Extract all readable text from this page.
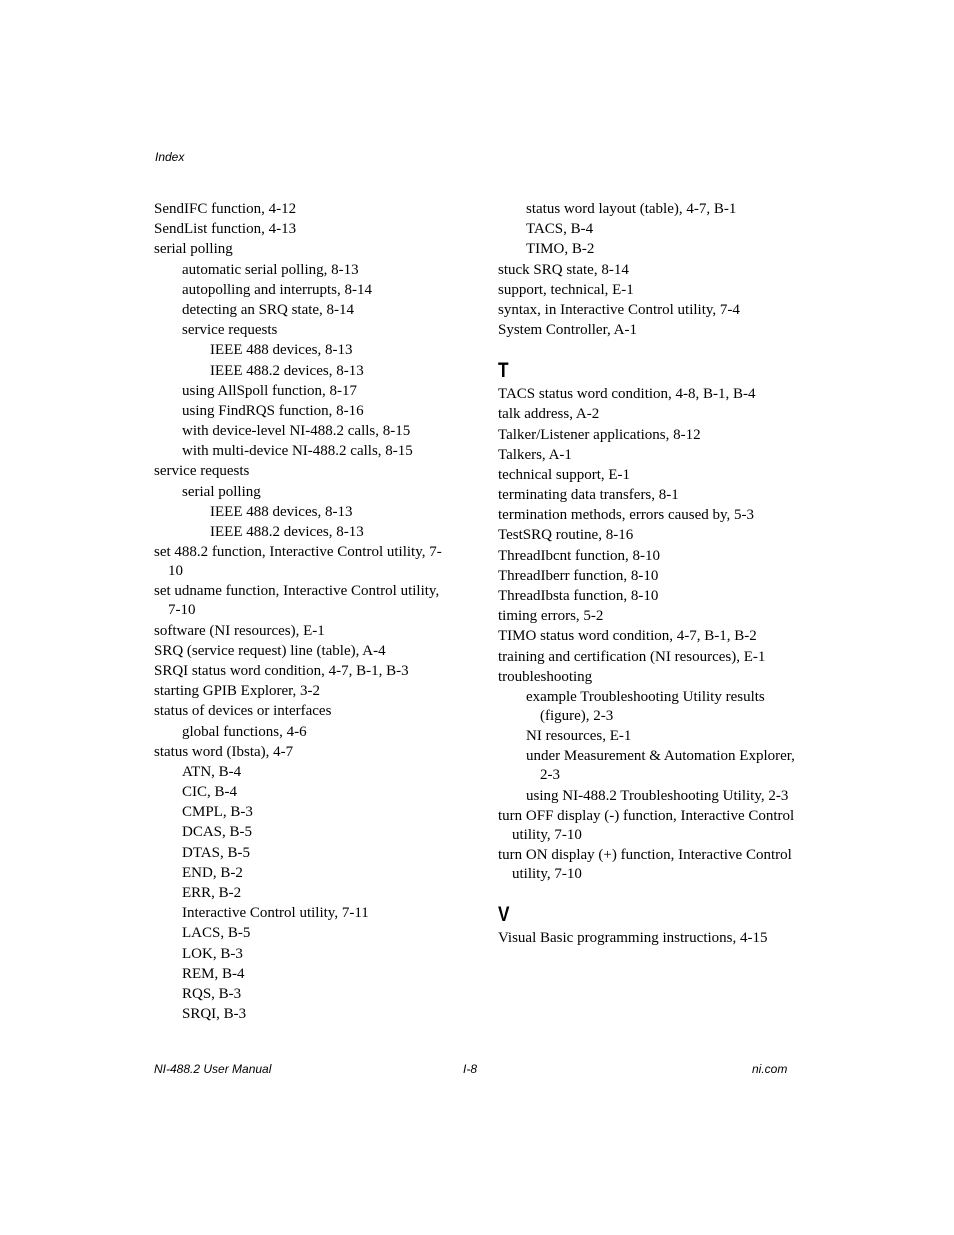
Index
SendIFC function, 4-12
SendList function, 4-13
serial polling
automatic serial polling, 8-13
autopolling and interrupts, 8-14
detecting an SRQ state, 8-14
service requests
IEEE 488 devices, 8-13
IEEE 488.2 devices, 8-13
using AllSpoll function, 8-17
using FindRQS function, 8-16
with device-level NI-488.2 calls, 8-15
with multi-device NI-488.2 calls, 8-15
service requests
serial polling
IEEE 488 devices, 8-13
IEEE 488.2 devices, 8-13
set 488.2 function, Interactive Control utility, 7-10
set udname function, Interactive Control utility, 7-10
software (NI resources), E-1
SRQ (service request) line (table), A-4
SRQI status word condition, 4-7, B-1, B-3
starting GPIB Explorer, 3-2
status of devices or interfaces
global functions, 4-6
status word (Ibsta), 4-7
ATN, B-4
CIC, B-4
CMPL, B-3
DCAS, B-5
DTAS, B-5
END, B-2
ERR, B-2
Interactive Control utility, 7-11
LACS, B-5
LOK, B-3
REM, B-4
RQS, B-3
SRQI, B-3
status word layout (table), 4-7, B-1
TACS, B-4
TIMO, B-2
stuck SRQ state, 8-14
support, technical, E-1
syntax, in Interactive Control utility, 7-4
System Controller, A-1
T
TACS status word condition, 4-8, B-1, B-4
talk address, A-2
Talker/Listener applications, 8-12
Talkers, A-1
technical support, E-1
terminating data transfers, 8-1
termination methods, errors caused by, 5-3
TestSRQ routine, 8-16
ThreadIbcnt function, 8-10
ThreadIberr function, 8-10
ThreadIbsta function, 8-10
timing errors, 5-2
TIMO status word condition, 4-7, B-1, B-2
training and certification (NI resources), E-1
troubleshooting
example Troubleshooting Utility results (figure), 2-3
NI resources, E-1
under Measurement & Automation Explorer, 2-3
using NI-488.2 Troubleshooting Utility, 2-3
turn OFF display (-) function, Interactive Control utility, 7-10
turn ON display (+) function, Interactive Control utility, 7-10
V
Visual Basic programming instructions, 4-15
NI-488.2 User Manual	I-8	ni.com
